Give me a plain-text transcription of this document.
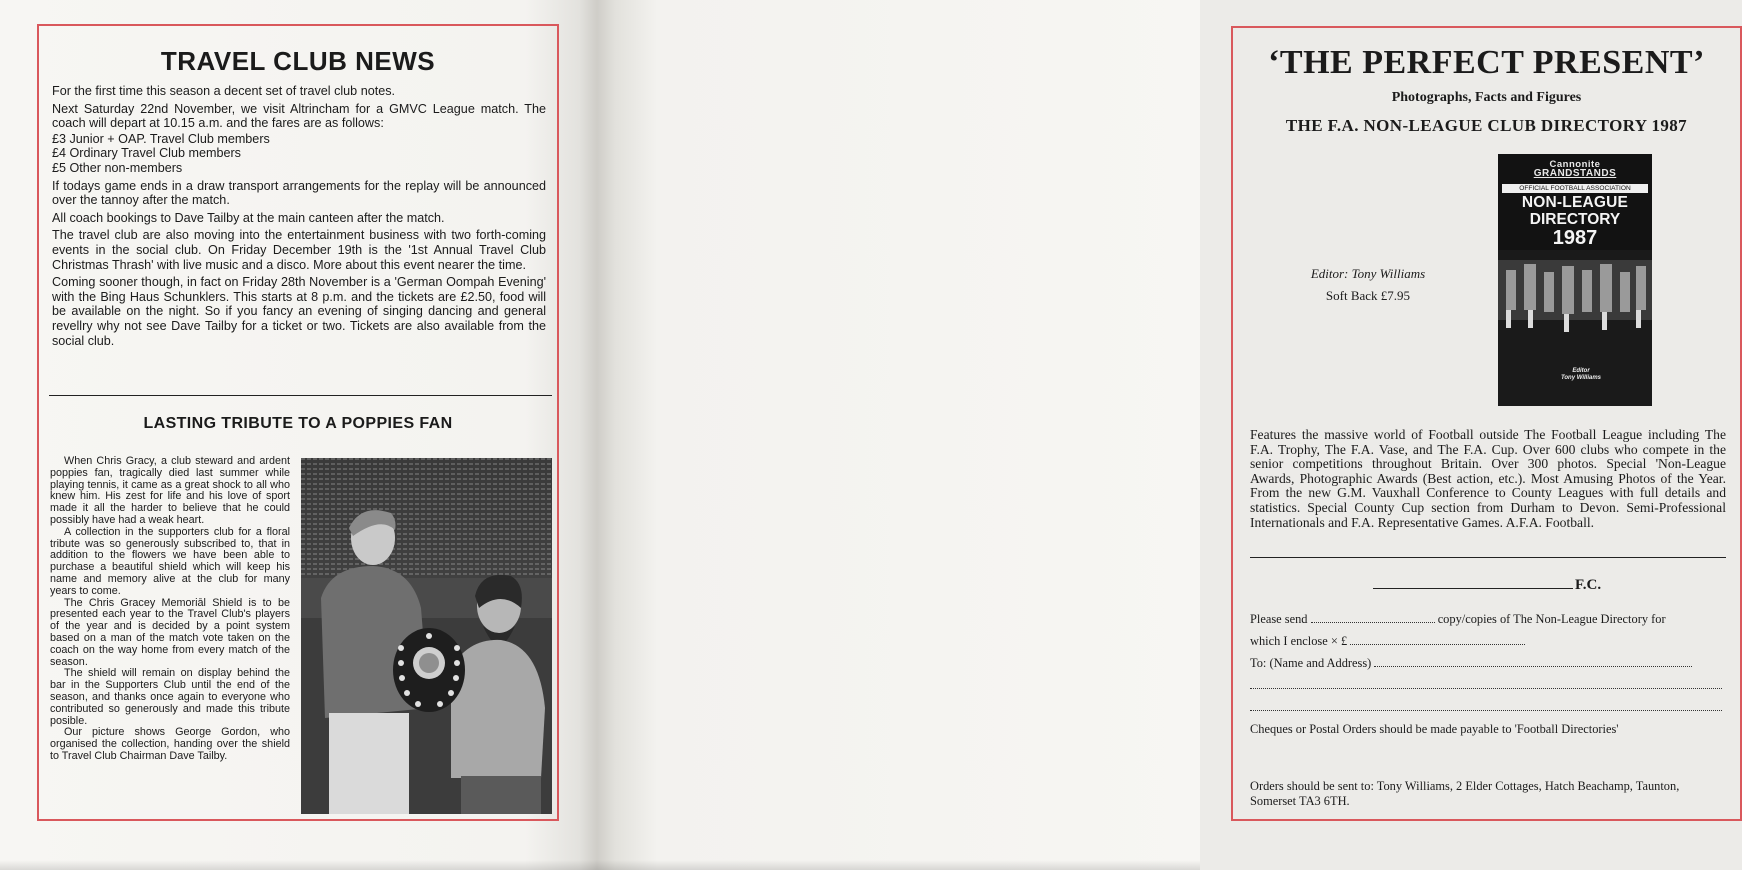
TRAVEL CLUB NEWS

For the first time this season a decent set of travel club notes.

Next Saturday 22nd November, we visit Altrincham for a GMVC League match. The coach will depart at 10.15 a.m. and the fares are as follows:

£3 Junior + OAP. Travel Club members
£4 Ordinary Travel Club members
£5 Other non-members

If todays game ends in a draw transport arrangements for the replay will be announced over the tannoy after the match.

All coach bookings to Dave Tailby at the main canteen after the match.

The travel club are also moving into the entertainment business with two forth-coming events in the social club. On Friday December 19th is the '1st Annual Travel Club Christmas Thrash' with live music and a disco. More about this event nearer the time.

Coming sooner though, in fact on Friday 28th November is a 'German Oompah Evening' with the Bing Haus Schunklers. This starts at 8 p.m. and the tickets are £2.50, food will be available on the night. So if you fancy an evening of singing dancing and general revellry why not see Dave Tailby for a ticket or two. Tickets are also available from the social club.

LASTING TRIBUTE TO A POPPIES FAN

When Chris Gracy, a club steward and ardent poppies fan, tragically died last summer while playing tennis, it came as a great shock to all who knew him. His zest for life and his love of sport made it all the harder to believe that he could possibly have had a weak heart.

A collection in the supporters club for a floral tribute was so generously subscribed to, that in addition to the flowers we have been able to purchase a beautiful shield which will keep his name and memory alive at the club for many years to come.

The Chris Gracey Memoriāl Shield is to be presented each year to the Travel Club's players of the year and is decided by a point system based on a man of the match vote taken on the coach on the way home from every match of the season.

The shield will remain on display behind the bar in the Supporters Club until the end of the season, and thanks once again to everyone who contributed so generously and made this tribute posible.

Our picture shows George Gordon, who organised the collection, handing over the shield to Travel Club Chairman Dave Tailby.

‘THE PERFECT PRESENT’
Photographs, Facts and Figures
THE F.A. NON-LEAGUE CLUB DIRECTORY 1987
Editor: Tony Williams
Soft Back £7.95
Cannonite
GRANDSTANDS
OFFICIAL FOOTBALL ASSOCIATION
NON-LEAGUE
DIRECTORY
1987
Editor
Tony Williams
Features the massive world of Football outside The Football League including The F.A. Trophy, The F.A. Vase, and The F.A. Cup. Over 600 clubs who compete in the senior competitions throughout Britain. Over 300 photos. Special 'Non-League Awards, Photographic Awards (Best action, etc.). Most Amusing Photos of the Year. From the new G.M. Vauxhall Conference to County Leagues with full details and statistics. Special County Cup section from Durham to Devon. Semi-Professional Internationals and F.A. Representative Games. A.F.A. Football.
F.C.
Please send	copy/copies of The Non-League Directory for
which I enclose × £
To: (Name and Address)
Cheques or Postal Orders should be made payable to 'Football Directories'
Orders should be sent to: Tony Williams, 2 Elder Cottages, Hatch Beachamp, Taunton, Somerset TA3 6TH.
